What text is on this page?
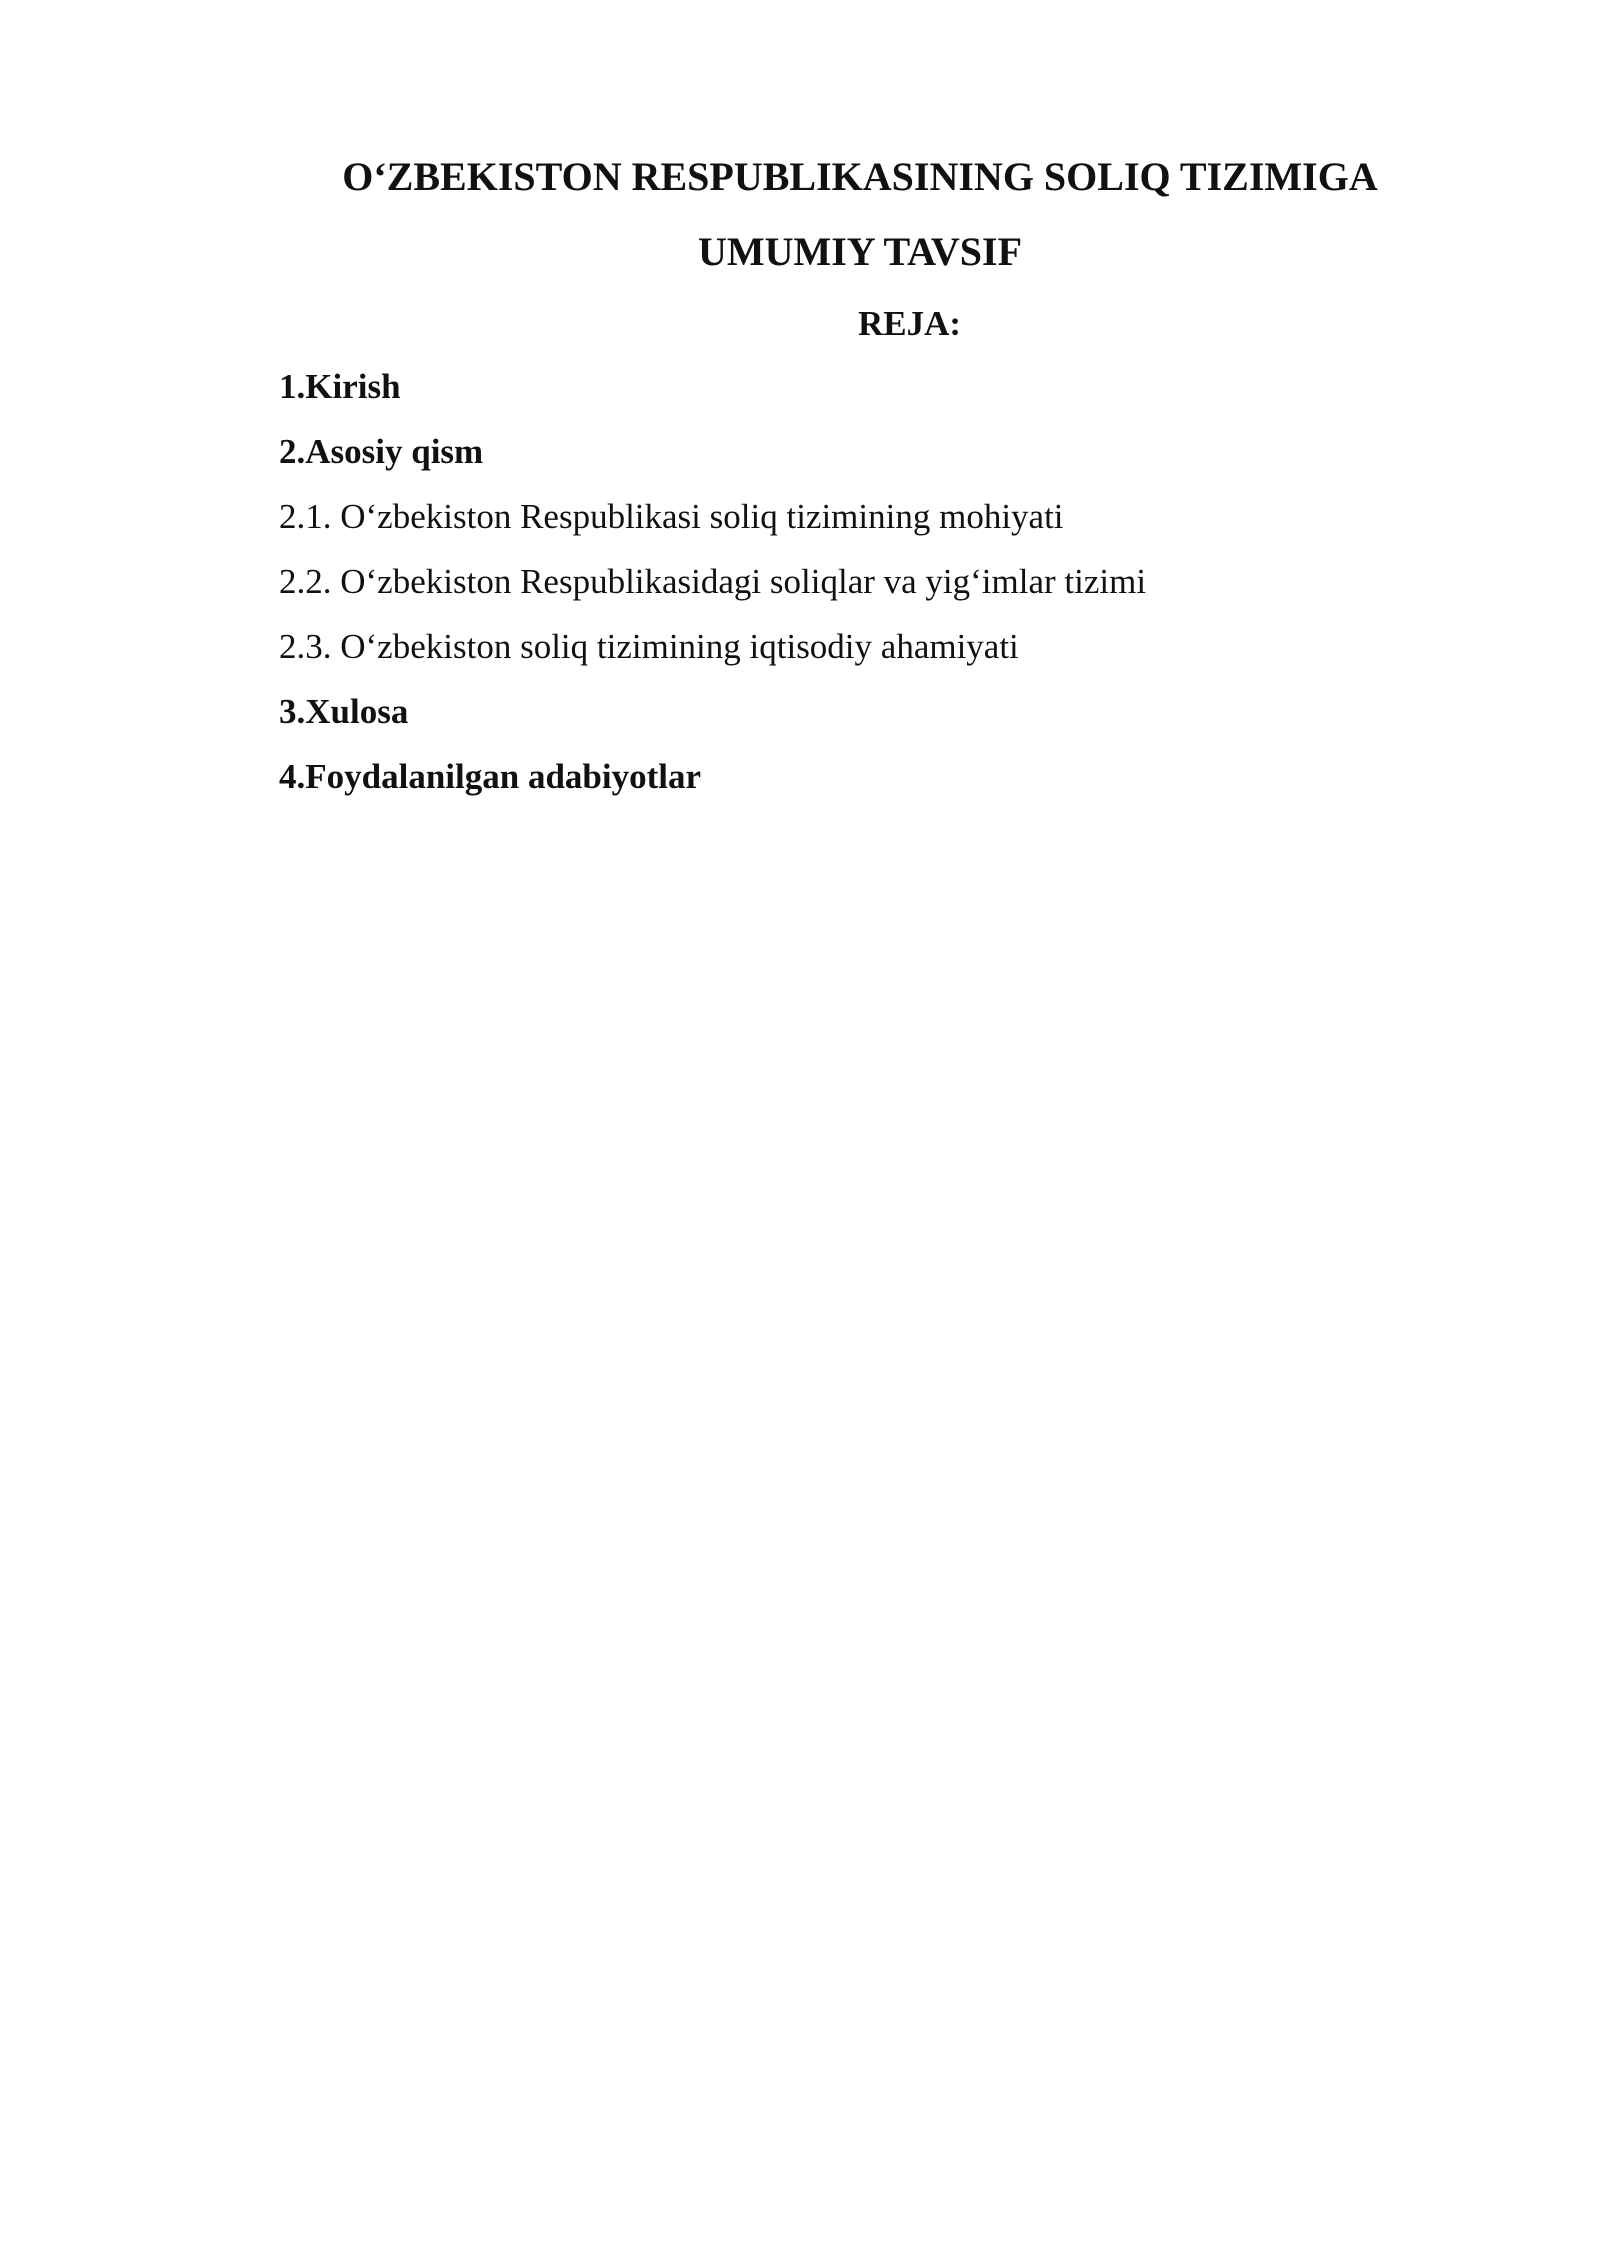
O‘ZBEKISTON RESPUBLIKASINING SOLIQ TIZIMIGA
UMUMIY TAVSIF
REJA:
1.Kirish
2.Asosiy qism
2.1. O‘zbekiston Respublikasi soliq tizimining mohiyati
2.2. O‘zbekiston Respublikasidagi soliqlar va yig‘imlar tizimi
2.3. O‘zbekiston soliq tizimining iqtisodiy ahamiyati
3.Xulosa
4.Foydalanilgan adabiyotlar
